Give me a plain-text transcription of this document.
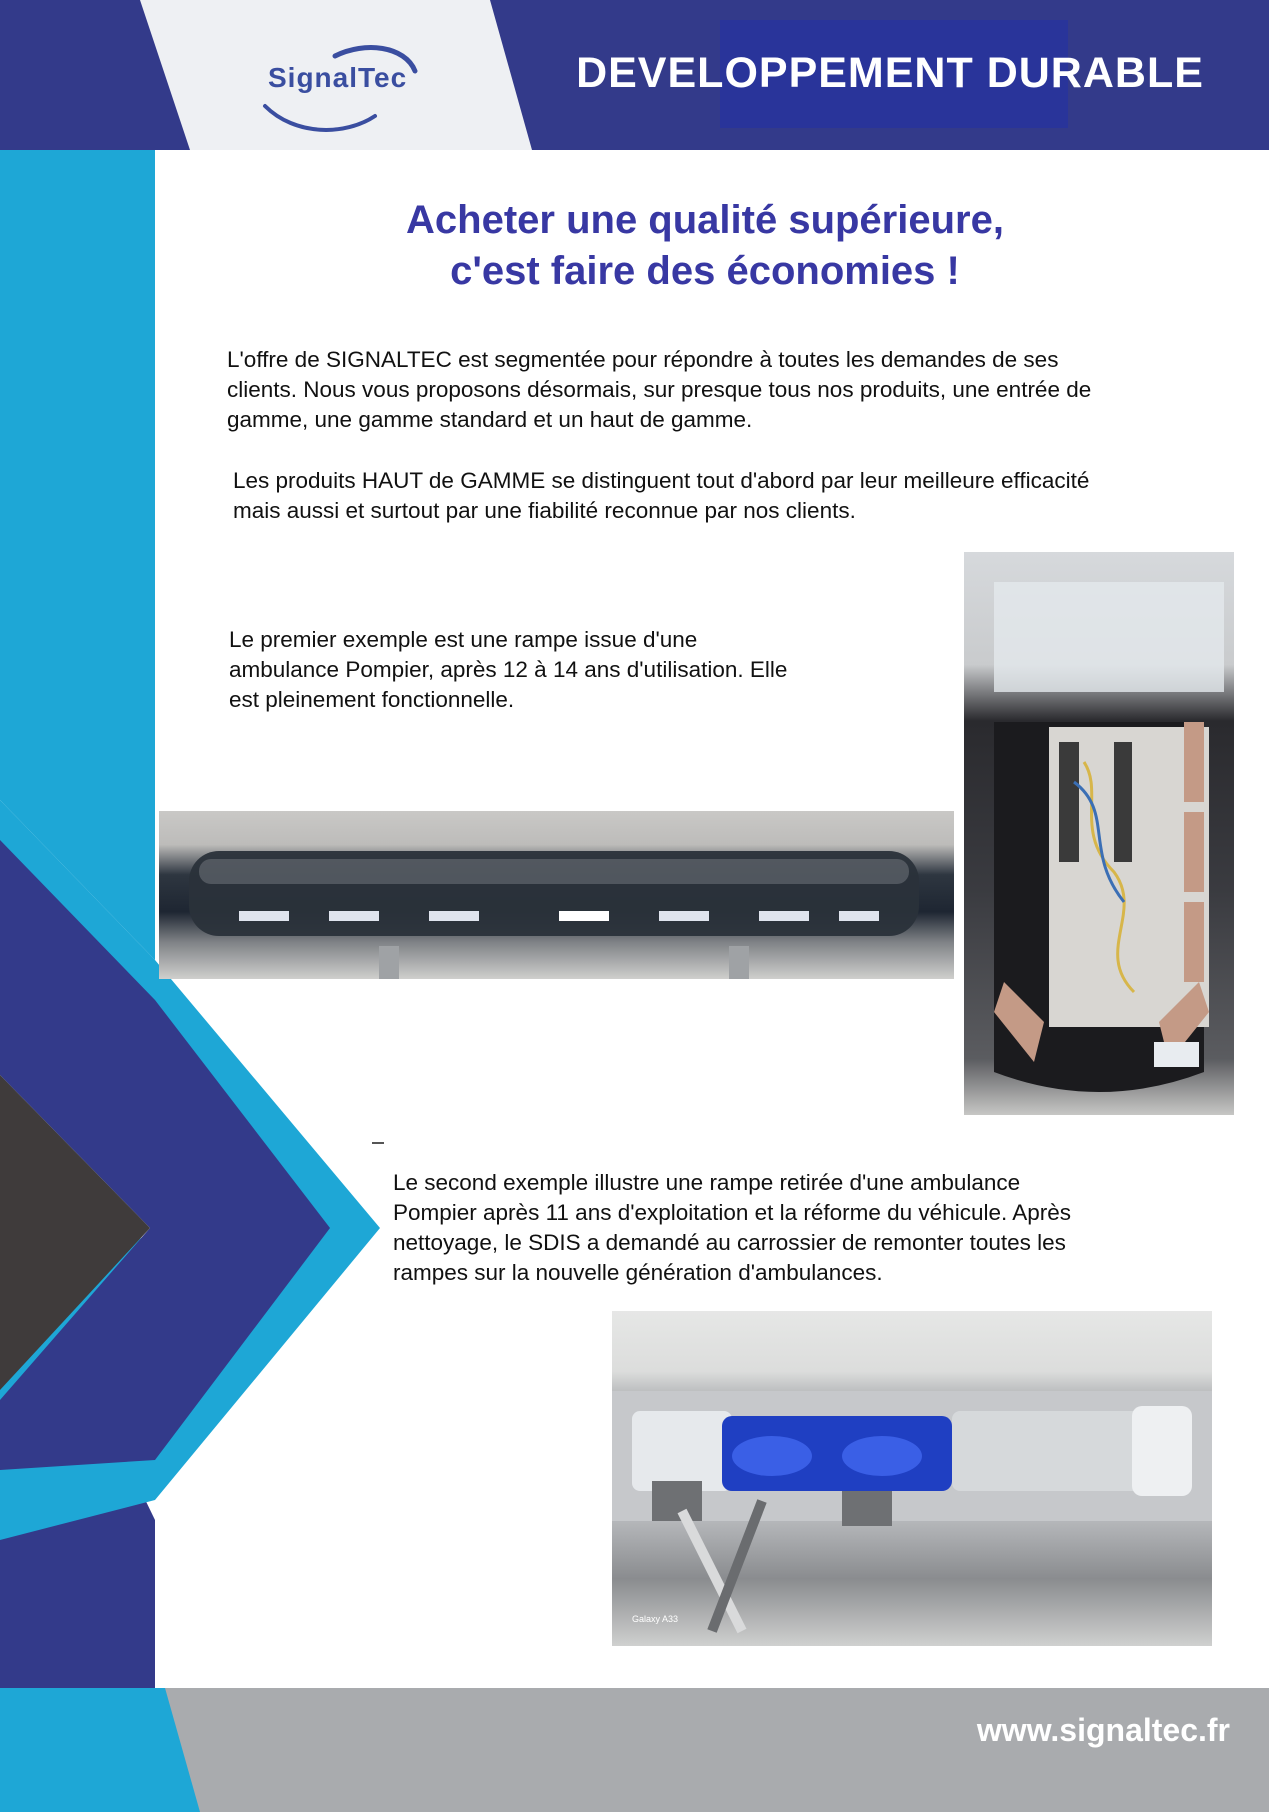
SignalTec	DEVELOPPEMENT DURABLE
Acheter une qualité supérieure,
c'est faire des économies !
L'offre de SIGNALTEC est segmentée pour répondre à toutes les demandes de ses
clients. Nous vous proposons désormais, sur presque tous nos produits, une entrée de
gamme, une gamme standard et un haut de gamme.
Les produits HAUT de GAMME se distinguent tout d'abord par leur meilleure efficacité
mais aussi et surtout par une fiabilité reconnue par nos clients.
Le premier exemple est une rampe issue d'une
ambulance Pompier, après 12 à 14 ans d'utilisation. Elle
est pleinement fonctionnelle.
Le second exemple illustre une rampe retirée d'une ambulance
Pompier après 11 ans d'exploitation et la réforme du véhicule. Après
nettoyage, le SDIS a demandé au carrossier de remonter toutes les
rampes sur la nouvelle génération d'ambulances.
Galaxy A33
www.signaltec.fr
